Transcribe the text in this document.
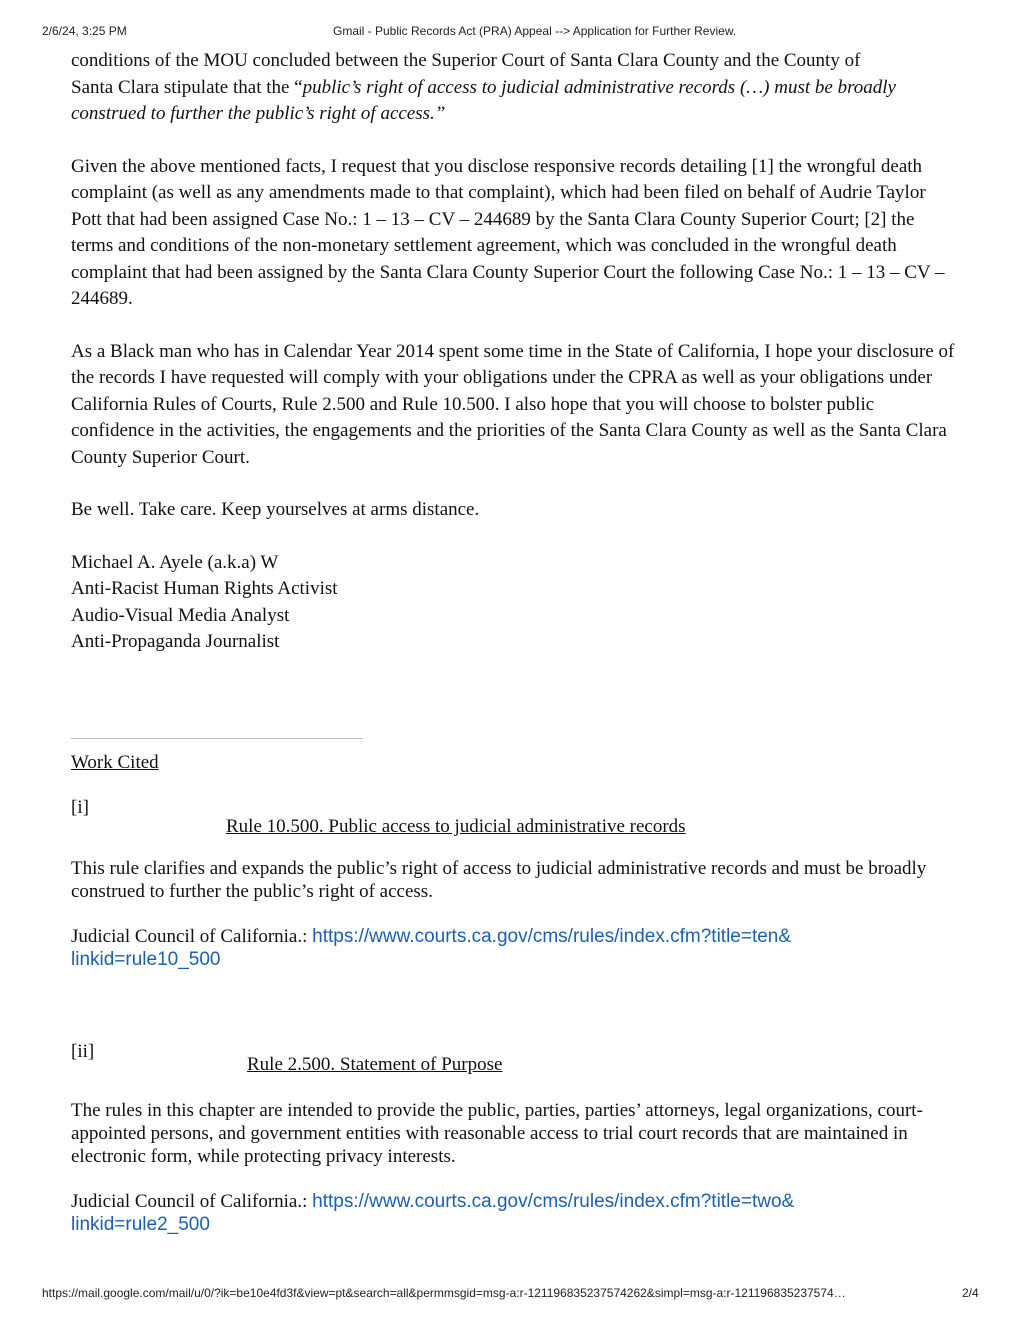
2/6/24, 3:25 PM	Gmail - Public Records Act (PRA) Appeal --> Application for Further Review.

conditions of the MOU concluded between the Superior Court of Santa Clara County and the County of
Santa Clara stipulate that the “public’s right of access to judicial administrative records (…) must be broadly
construed to further the public’s right of access.”

Given the above mentioned facts, I request that you disclose responsive records detailing [1] the wrongful death complaint (as well as any amendments made to that complaint), which had been filed on behalf of Audrie Taylor Pott that had been assigned Case No.: 1 – 13 – CV – 244689 by the Santa Clara County Superior Court; [2] the terms and conditions of the non-monetary settlement agreement, which was concluded in the wrongful death complaint that had been assigned by the Santa Clara County Superior Court the following Case No.: 1 – 13 – CV – 244689.

As a Black man who has in Calendar Year 2014 spent some time in the State of California, I hope your disclosure of the records I have requested will comply with your obligations under the CPRA as well as your obligations under California Rules of Courts, Rule 2.500 and Rule 10.500. I also hope that you will choose to bolster public confidence in the activities, the engagements and the priorities of the Santa Clara County as well as the Santa Clara County Superior Court.

Be well. Take care. Keep yourselves at arms distance.

Michael A. Ayele (a.k.a) W

Anti-Racist Human Rights Activist

Audio-Visual Media Analyst

Anti-Propaganda Journalist

Work Cited

[i]
Rule 10.500. Public access to judicial administrative records

This rule clarifies and expands the public’s right of access to judicial administrative records and must be broadly construed to further the public’s right of access.

Judicial Council of California.: https://www.courts.ca.gov/cms/rules/index.cfm?title=ten&
linkid=rule10_500

[ii]
Rule 2.500. Statement of Purpose

The rules in this chapter are intended to provide the public, parties, parties’ attorneys, legal organizations, court-appointed persons, and government entities with reasonable access to trial court records that are maintained in electronic form, while protecting privacy interests.

Judicial Council of California.: https://www.courts.ca.gov/cms/rules/index.cfm?title=two&
linkid=rule2_500

https://mail.google.com/mail/u/0/?ik=be10e4fd3f&view=pt&search=all&permmsgid=msg-a:r-121196835237574262&simpl=msg-a:r-121196835237574…	2/4
